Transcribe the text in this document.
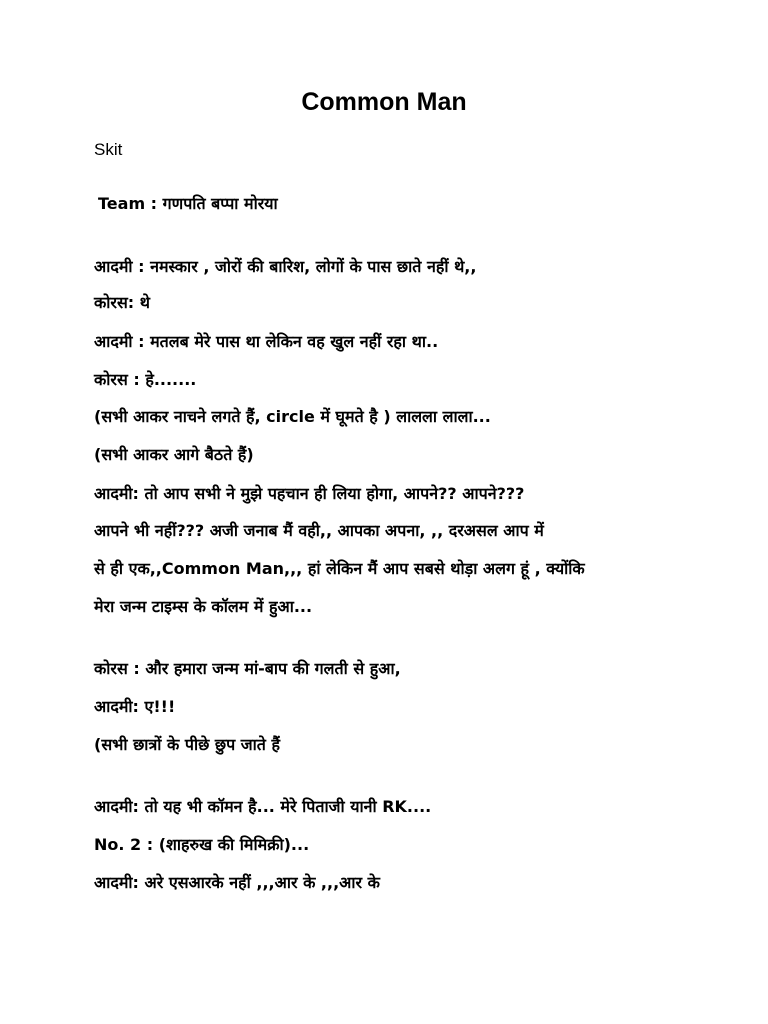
Common Man
Skit
Team : गणपति बप्पा मोरया
आदमी : नमस्कार , जोरों की बारिश, लोगों के पास छाते नहीं थे,,
कोरस: थे
आदमी : मतलब मेरे पास था लेकिन वह खुल नहीं रहा था..
कोरस : हे.......
(सभी आकर नाचने लगते हैं, circle में घूमते है ) लालला लाला...
(सभी आकर आगे बैठते हैं)
आदमी: तो आप सभी ने मुझे पहचान ही लिया होगा, आपने?? आपने???
आपने भी नहीं??? अजी जनाब मैं वही,, आपका अपना, ,, दरअसल आप में
से ही एक,,Common Man,,, हां लेकिन मैं आप सबसे थोड़ा अलग हूं , क्योंकि
मेरा जन्म टाइम्स के कॉलम में हुआ...
कोरस : और हमारा जन्म मां-बाप की गलती से हुआ,
आदमी: ए!!!
(सभी छात्रों के पीछे छुप जाते हैं
आदमी: तो यह भी कॉमन है... मेरे पिताजी यानी RK....
No. 2 : (शाहरुख की मिमिक्री)...
आदमी: अरे एसआरके नहीं ,,,आर के ,,,आर के
